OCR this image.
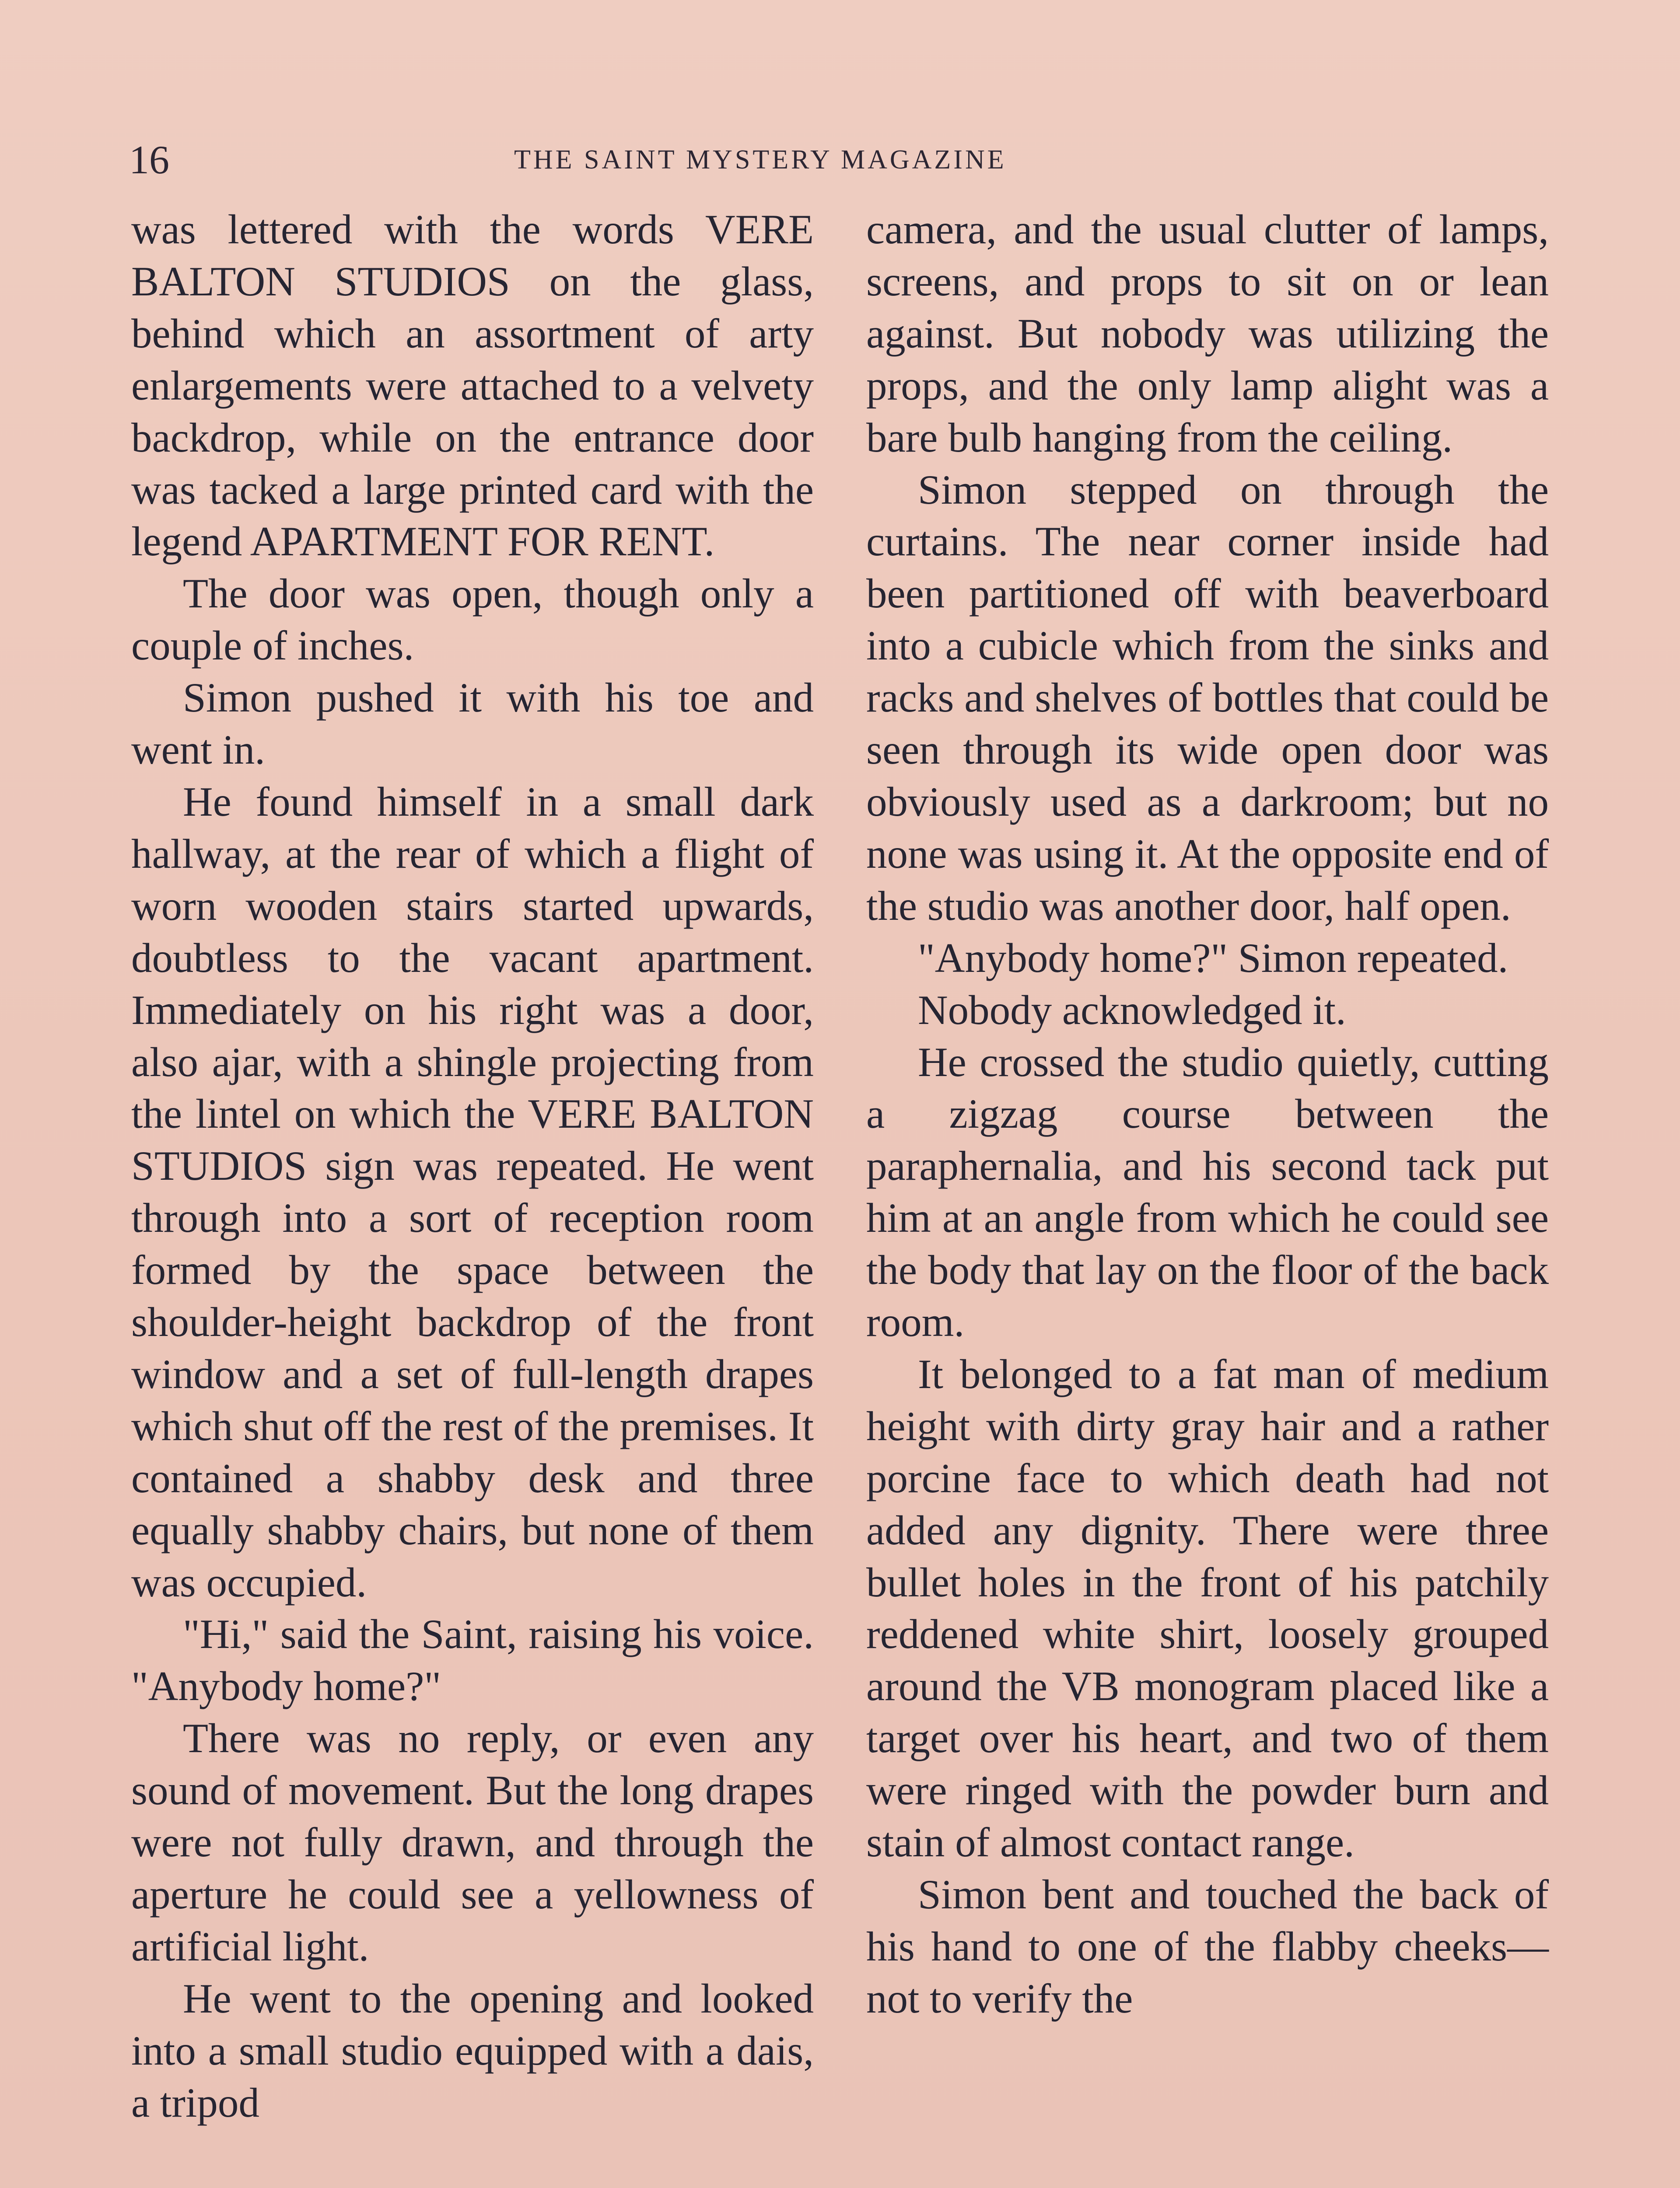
16	THE SAINT MYSTERY MAGAZINE

was lettered with the words VERE BALTON STUDIOS on the glass, behind which an assortment of arty enlargements were attached to a velvety backdrop, while on the entrance door was tacked a large printed card with the legend APARTMENT FOR RENT.

The door was open, though only a couple of inches.

Simon pushed it with his toe and went in.

He found himself in a small dark hallway, at the rear of which a flight of worn wooden stairs started upwards, doubtless to the vacant apartment. Immediately on his right was a door, also ajar, with a shingle projecting from the lintel on which the VERE BALTON STUDIOS sign was repeated. He went through into a sort of reception room formed by the space between the shoulder-height backdrop of the front window and a set of full-length drapes which shut off the rest of the premises. It contained a shabby desk and three equally shabby chairs, but none of them was occupied.

"Hi," said the Saint, raising his voice. "Anybody home?"

There was no reply, or even any sound of movement. But the long drapes were not fully drawn, and through the aperture he could see a yellowness of artificial light.

He went to the opening and looked into a small studio equipped with a dais, a tripod

camera, and the usual clutter of lamps, screens, and props to sit on or lean against. But nobody was utilizing the props, and the only lamp alight was a bare bulb hanging from the ceiling.

Simon stepped on through the curtains. The near corner inside had been partitioned off with beaverboard into a cubicle which from the sinks and racks and shelves of bottles that could be seen through its wide open door was obviously used as a darkroom; but no none was using it. At the opposite end of the studio was another door, half open.

"Anybody home?" Simon repeated.

Nobody acknowledged it.

He crossed the studio quietly, cutting a zigzag course between the paraphernalia, and his second tack put him at an angle from which he could see the body that lay on the floor of the back room.

It belonged to a fat man of medium height with dirty gray hair and a rather porcine face to which death had not added any dignity. There were three bullet holes in the front of his patchily reddened white shirt, loosely grouped around the VB monogram placed like a target over his heart, and two of them were ringed with the powder burn and stain of almost contact range.

Simon bent and touched the back of his hand to one of the flabby cheeks—not to verify the
